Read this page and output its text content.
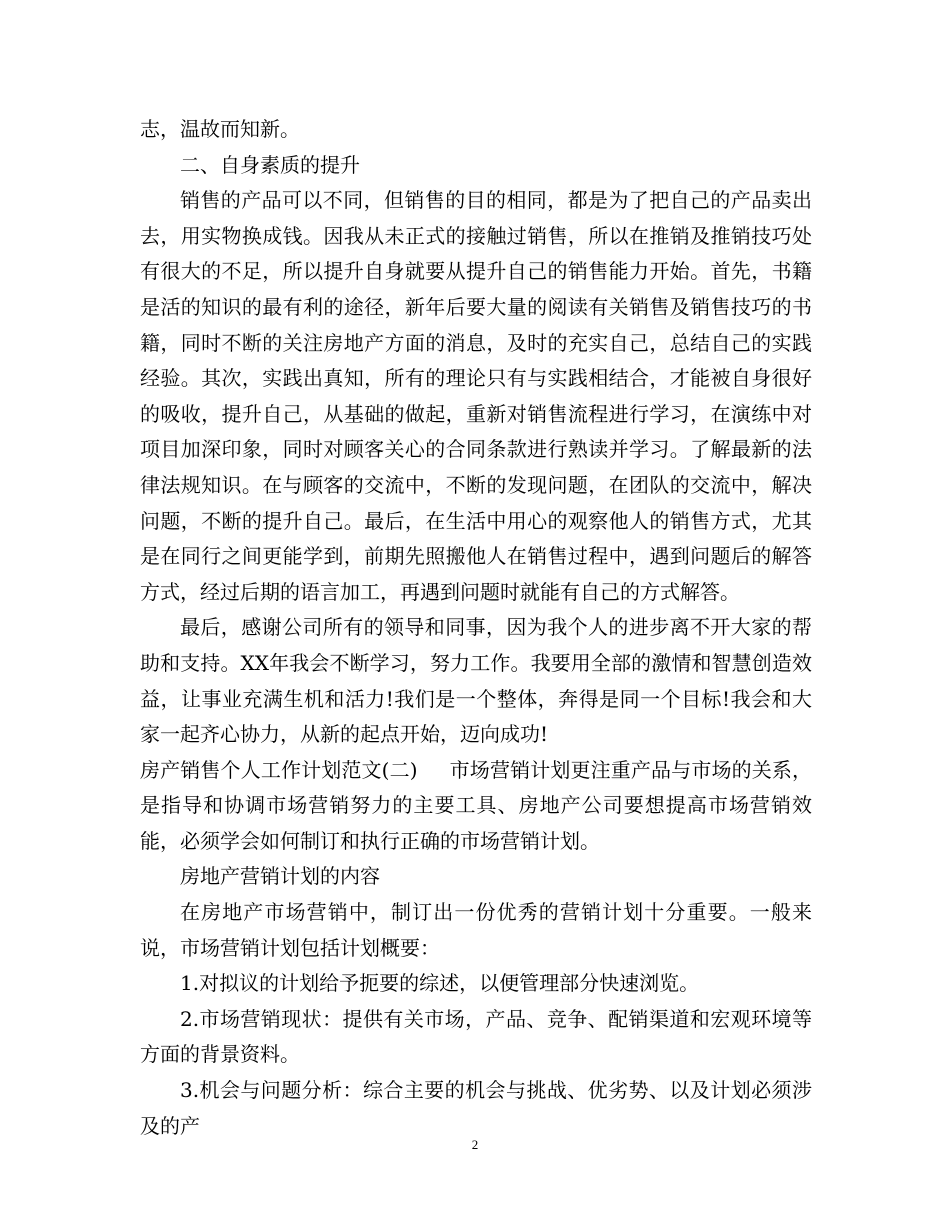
志，温故而知新。

二、自身素质的提升

销售的产品可以不同，但销售的目的相同，都是为了把自己的产品卖出去，用实物换成钱。因我从未正式的接触过销售，所以在推销及推销技巧处有很大的不足，所以提升自身就要从提升自己的销售能力开始。首先，书籍是活的知识的最有利的途径，新年后要大量的阅读有关销售及销售技巧的书籍，同时不断的关注房地产方面的消息，及时的充实自己，总结自己的实践经验。其次，实践出真知，所有的理论只有与实践相结合，才能被自身很好的吸收，提升自己，从基础的做起，重新对销售流程进行学习，在演练中对项目加深印象，同时对顾客关心的合同条款进行熟读并学习。了解最新的法律法规知识。在与顾客的交流中，不断的发现问题，在团队的交流中，解决问题，不断的提升自己。最后，在生活中用心的观察他人的销售方式，尤其是在同行之间更能学到，前期先照搬他人在销售过程中，遇到问题后的解答方式，经过后期的语言加工，再遇到问题时就能有自己的方式解答。

最后，感谢公司所有的领导和同事，因为我个人的进步离不开大家的帮助和支持。XX年我会不断学习，努力工作。我要用全部的激情和智慧创造效益，让事业充满生机和活力!我们是一个整体，奔得是同一个目标!我会和大家一起齐心协力，从新的起点开始，迈向成功!

房产销售个人工作计划范文(二) 市场营销计划更注重产品与市场的关系，是指导和协调市场营销努力的主要工具、房地产公司要想提高市场营销效能，必须学会如何制订和执行正确的市场营销计划。

房地产营销计划的内容

在房地产市场营销中，制订出一份优秀的营销计划十分重要。一般来说，市场营销计划包括计划概要：

1.对拟议的计划给予扼要的综述，以便管理部分快速浏览。

2.市场营销现状：提供有关市场，产品、竞争、配销渠道和宏观环境等方面的背景资料。

3.机会与问题分析：综合主要的机会与挑战、优劣势、以及计划必须涉及的产

2
